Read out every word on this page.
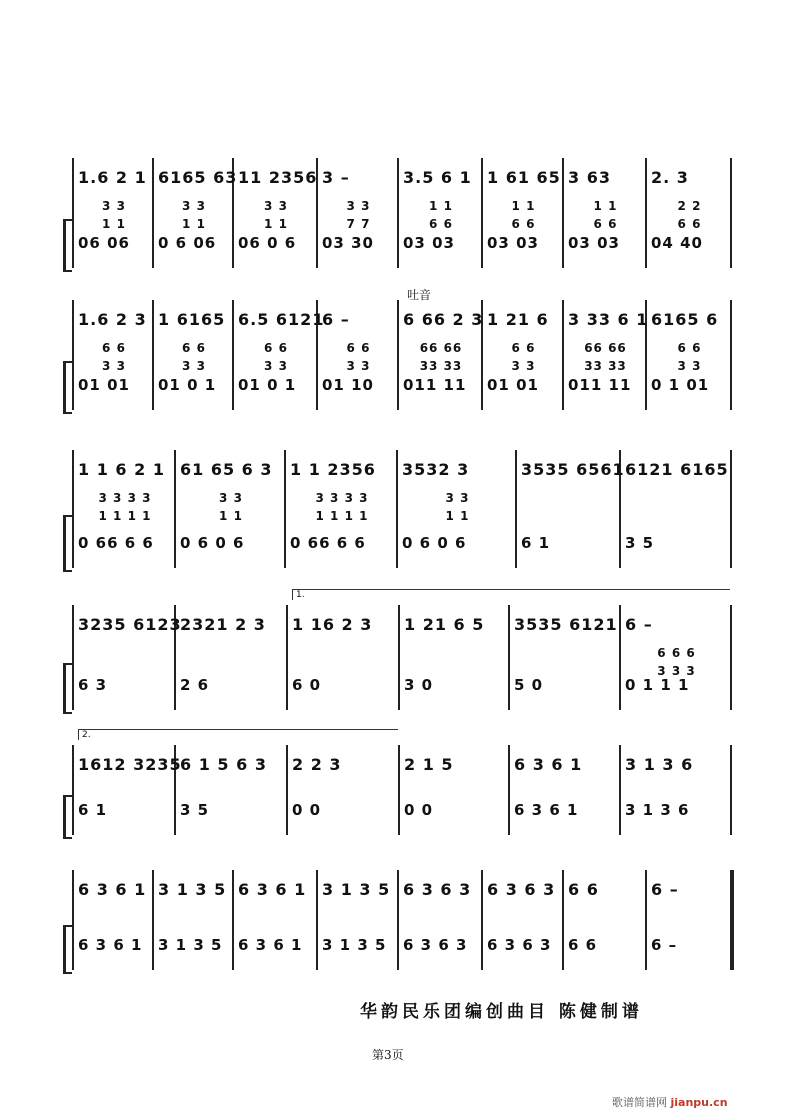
1.6 2 1
3 3
1 1
06 06
6165 63
3 3
1 1
0 6 06
11 2356
3 3
1 1
06 0 6
3 –
3 3
7 7
03 30
3.5 6 1
1 1
6 6
03 03
1 61 65
1 1
6 6
03 03
3 63
1 1
6 6
03 03
2. 3
2 2
6 6
04 40
吐音
1.6 2 3
6 6
3 3
01 01
1 6165
6 6
3 3
01 0 1
6.5 6121
6 6
3 3
01 0 1
6 –
6 6
3 3
01 10
6 66 2 3
66 66
33 33
011 11
1 21 6
6 6
3 3
01 01
3 33 6 1
66 66
33 33
011 11
6165 6
6 6
3 3
0 1 01
1 1 6 2 1
3 3 3 3
1 1 1 1
0 66 6 6
61 65 6 3
3 3
1 1
0 6 0 6
1 1 2356
3 3 3 3
1 1 1 1
0 66 6 6
3532 3
3 3
1 1
0 6 0 6
3535 6561
6 1
6121 6165
3 5
1.
3235 6123
6 3
2321 2 3
2 6
1 16 2 3
6 0
1 21 6 5
3 0
3535 6121
5 0
6 –
6 6 6
3 3 3
0 1 1 1
2.
1612 3235
6 1
6 1 5 6 3
3 5
2 2 3
0 0
2 1 5
0 0
6 3 6 1
6 3 6 1
3 1 3 6
3 1 3 6
6 3 6 1
6 3 6 1
3 1 3 5
3 1 3 5
6 3 6 1
6 3 6 1
3 1 3 5
3 1 3 5
6 3 6 3
6 3 6 3
6 3 6 3
6 3 6 3
6 6
6 6
6 –
6 –
华韵民乐团编创曲目 陈健制谱
第3页
歌谱简谱网 jianpu.cn
